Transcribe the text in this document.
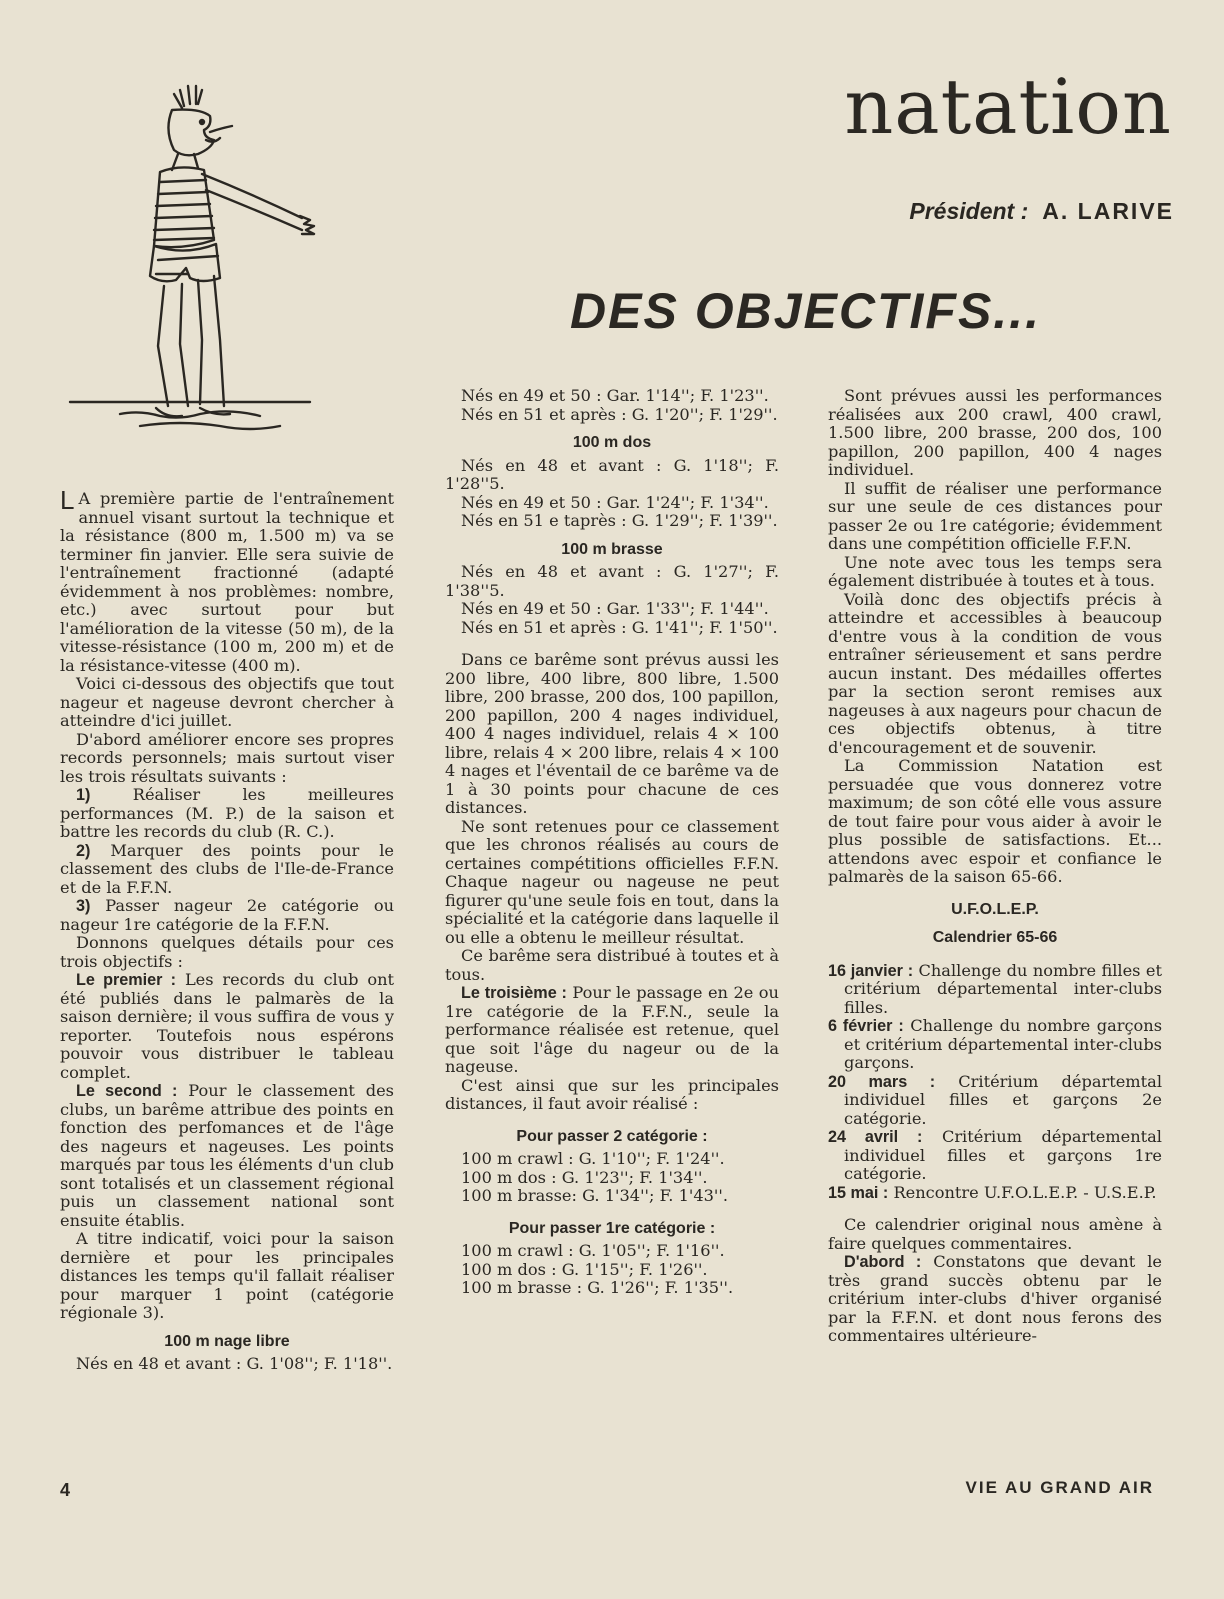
natation
Président : A. LARIVE
DES OBJECTIFS...

L A première partie de l'entraînement annuel visant surtout la technique et la résistance (800 m, 1.500 m) va se terminer fin janvier. Elle sera suivie de l'entraînement fractionné (adapté évidemment à nos problèmes: nombre, etc.) avec surtout pour but l'amélioration de la vitesse (50 m), de la vitesse-résistance (100 m, 200 m) et de la résistance-vitesse (400 m).

Voici ci-dessous des objectifs que tout nageur et nageuse devront chercher à atteindre d'ici juillet.

D'abord améliorer encore ses propres records personnels; mais surtout viser les trois résultats suivants :

1)	Réaliser les meilleures performances (M. P.) de la saison et battre les records du club (R. C.).

2) Marquer des points pour le classement des clubs de l'Ile-de-France et de la F.F.N.

3) Passer nageur 2e catégorie ou nageur 1re catégorie de la F.F.N.

Donnons quelques détails pour ces trois objectifs :

Le premier : Les records du club ont été publiés dans le palmarès de la saison dernière; il vous suffira de vous y reporter. Toutefois nous espérons pouvoir vous distribuer le tableau complet.

Le second : Pour le classement des clubs, un barême attribue des points en fonction des perfomances et de l'âge des nageurs et nageuses. Les points marqués par tous les éléments d'un club sont totalisés et un classement régional puis un classement national sont ensuite établis.

A titre indicatif, voici pour la saison dernière et pour les principales distances les temps qu'il fallait réaliser pour marquer 1 point (catégorie régionale 3).

100 m nage libre

Nés en 48 et avant : G. 1'08''; F. 1'18''.

Nés en 49 et 50 : Gar. 1'14''; F. 1'23''.

Nés en 51 et après : G. 1'20''; F. 1'29''.

100 m dos

Nés en 48 et avant : G. 1'18''; F. 1'28''5.

Nés en 49 et 50 : Gar. 1'24''; F. 1'34''.

Nés en 51 e taprès : G. 1'29''; F. 1'39''.

100 m brasse

Nés en 48 et avant : G. 1'27''; F. 1'38''5.

Nés en 49 et 50 : Gar. 1'33''; F. 1'44''.

Nés en 51 et après : G. 1'41''; F. 1'50''.

Dans ce barême sont prévus aussi les 200 libre, 400 libre, 800 libre, 1.500 libre, 200 brasse, 200 dos, 100 papillon, 200 papillon, 200 4 nages individuel, 400 4 nages individuel, relais 4 × 100 libre, relais 4 × 200 libre, relais 4 × 100 4 nages et l'éventail de ce barême va de 1 à 30 points pour chacune de ces distances.

Ne sont retenues pour ce classement que les chronos réalisés au cours de certaines compétitions officielles F.F.N. Chaque nageur ou nageuse ne peut figurer qu'une seule fois en tout, dans la spécialité et la catégorie dans laquelle il ou elle a obtenu le meilleur résultat.

Ce barême sera distribué à toutes et à tous.

Le troisième : Pour le passage en 2e ou 1re catégorie de la F.F.N., seule la performance réalisée est retenue, quel que soit l'âge du nageur ou de la nageuse.

C'est ainsi que sur les principales distances, il faut avoir réalisé :

Pour passer 2 catégorie :

100 m crawl : G. 1'10''; F. 1'24''.

100 m dos : G. 1'23''; F. 1'34''.

100 m brasse: G. 1'34''; F. 1'43''.

Pour passer 1re catégorie :

100 m crawl : G. 1'05''; F. 1'16''.

100 m dos : G. 1'15''; F. 1'26''.

100 m brasse : G. 1'26''; F. 1'35''.

Sont prévues aussi les performances réalisées aux 200 crawl, 400 crawl, 1.500 libre, 200 brasse, 200 dos, 100 papillon, 200 papillon, 400 4 nages individuel.

Il suffit de réaliser une performance sur une seule de ces distances pour passer 2e ou 1re catégorie; évidemment dans une compétition officielle F.F.N.

Une note avec tous les temps sera également distribuée à toutes et à tous.

Voilà donc des objectifs précis à atteindre et accessibles à beaucoup d'entre vous à la condition de vous entraîner sérieusement et sans perdre aucun instant. Des médailles offertes par la section seront remises aux nageuses à aux nageurs pour chacun de ces objectifs obtenus, à titre d'encouragement et de souvenir.

La Commission Natation est persuadée que vous donnerez votre maximum; de son côté elle vous assure de tout faire pour vous aider à avoir le plus possible de satisfactions. Et... attendons avec espoir et confiance le palmarès de la saison 65-66.

U.F.O.L.E.P.

Calendrier 65-66

16 janvier : Challenge du nombre filles et critérium départemental inter-clubs filles.

6 février : Challenge du nombre garçons et critérium départemental inter-clubs garçons.

20 mars : Critérium départemtal individuel filles et garçons 2e catégorie.

24 avril : Critérium départemental individuel filles et garçons 1re catégorie.

15 mai : Rencontre U.F.O.L.E.P. - U.S.E.P.

Ce calendrier original nous amène à faire quelques commentaires.

D'abord : Constatons que devant le très grand succès obtenu par le critérium inter-clubs d'hiver organisé par la F.F.N. et dont nous ferons des commentaires ultérieure-

4	VIE AU GRAND AIR
